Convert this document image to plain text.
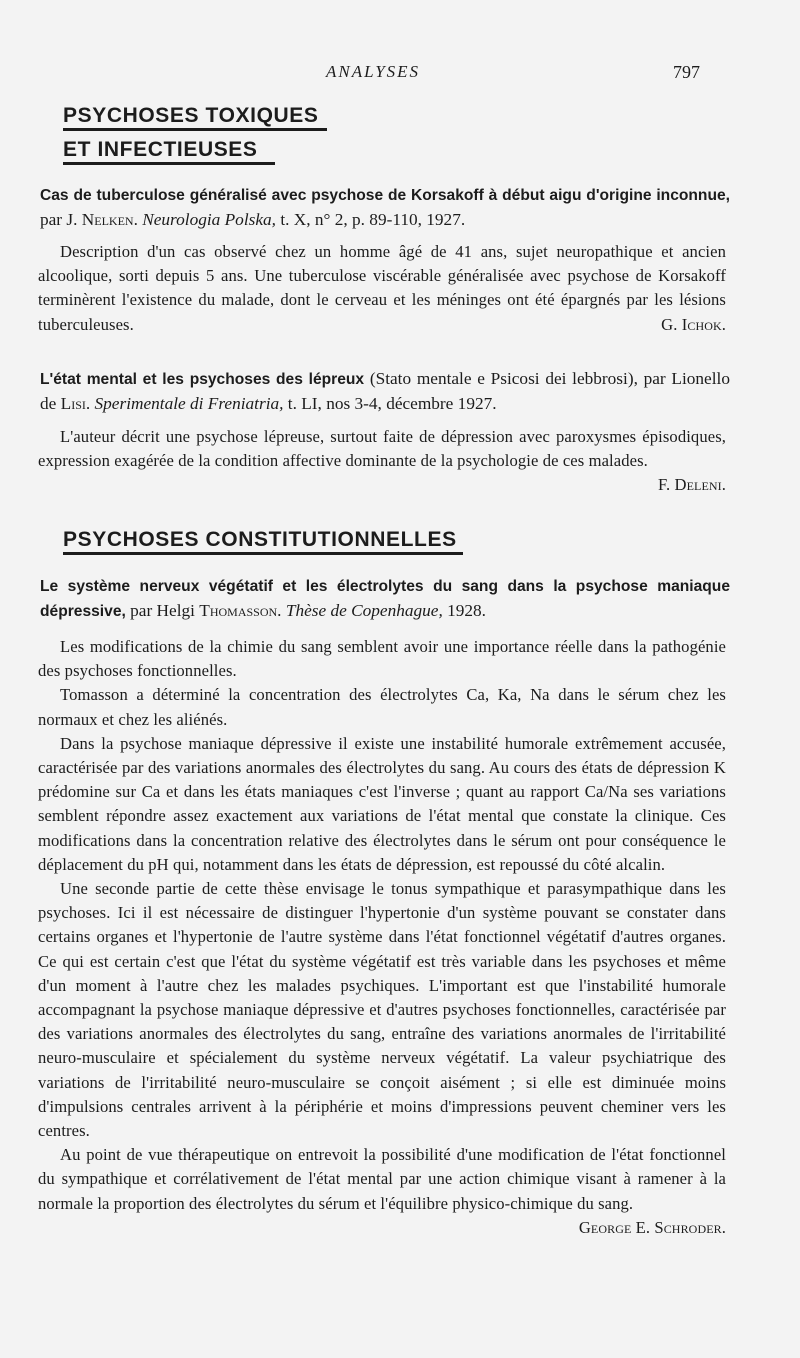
ANALYSES	797
PSYCHOSES TOXIQUES
ET INFECTIEUSES
Cas de tuberculose généralisé avec psychose de Korsakoff à début aigu d'origine inconnue, par J. Nelken. Neurologia Polska, t. X, n° 2, p. 89-110, 1927.

Description d'un cas observé chez un homme âgé de 41 ans, sujet neuropathique et ancien alcoolique, sorti depuis 5 ans. Une tuberculose viscérable généralisée avec psychose de Korsakoff terminèrent l'existence du malade, dont le cerveau et les méninges ont été épargnés par les lésions tuberculeuses.	G. Ichok.

L'état mental et les psychoses des lépreux (Stato mentale e Psicosi dei lebbrosi), par Lionello de Lisi. Sperimentale di Freniatria, t. LI, nos 3-4, décembre 1927.

L'auteur décrit une psychose lépreuse, surtout faite de dépression avec paroxysmes épisodiques, expression exagérée de la condition affective dominante de la psychologie de ces malades.
F. Deleni.

PSYCHOSES CONSTITUTIONNELLES
Le système nerveux végétatif et les électrolytes du sang dans la psychose maniaque dépressive, par Helgi Thomasson. Thèse de Copenhague, 1928.

Les modifications de la chimie du sang semblent avoir une importance réelle dans la pathogénie des psychoses fonctionnelles.

Tomasson a déterminé la concentration des électrolytes Ca, Ka, Na dans le sérum chez les normaux et chez les aliénés.

Dans la psychose maniaque dépressive il existe une instabilité humorale extrêmement accusée, caractérisée par des variations anormales des électrolytes du sang. Au cours des états de dépression K prédomine sur Ca et dans les états maniaques c'est l'inverse ; quant au rapport Ca/Na ses variations semblent répondre assez exactement aux variations de l'état mental que constate la clinique. Ces modifications dans la concentration relative des électrolytes dans le sérum ont pour conséquence le déplacement du pH qui, notamment dans les états de dépression, est repoussé du côté alcalin.

Une seconde partie de cette thèse envisage le tonus sympathique et parasympathique dans les psychoses. Ici il est nécessaire de distinguer l'hypertonie d'un système pouvant se constater dans certains organes et l'hypertonie de l'autre système dans l'état fonctionnel végétatif d'autres organes. Ce qui est certain c'est que l'état du système végétatif est très variable dans les psychoses et même d'un moment à l'autre chez les malades psychiques. L'important est que l'instabilité humorale accompagnant la psychose maniaque dépressive et d'autres psychoses fonctionnelles, caractérisée par des variations anormales des électrolytes du sang, entraîne des variations anormales de l'irritabilité neuro-musculaire et spécialement du système nerveux végétatif. La valeur psychiatrique des variations de l'irritabilité neuro-musculaire se conçoit aisément ; si elle est diminuée moins d'impulsions centrales arrivent à la périphérie et moins d'impressions peuvent cheminer vers les centres.

Au point de vue thérapeutique on entrevoit la possibilité d'une modification de l'état fonctionnel du sympathique et corrélativement de l'état mental par une action chimique visant à ramener à la normale la proportion des électrolytes du sérum et l'équilibre physico-chimique du sang.
George E. Schroder.
